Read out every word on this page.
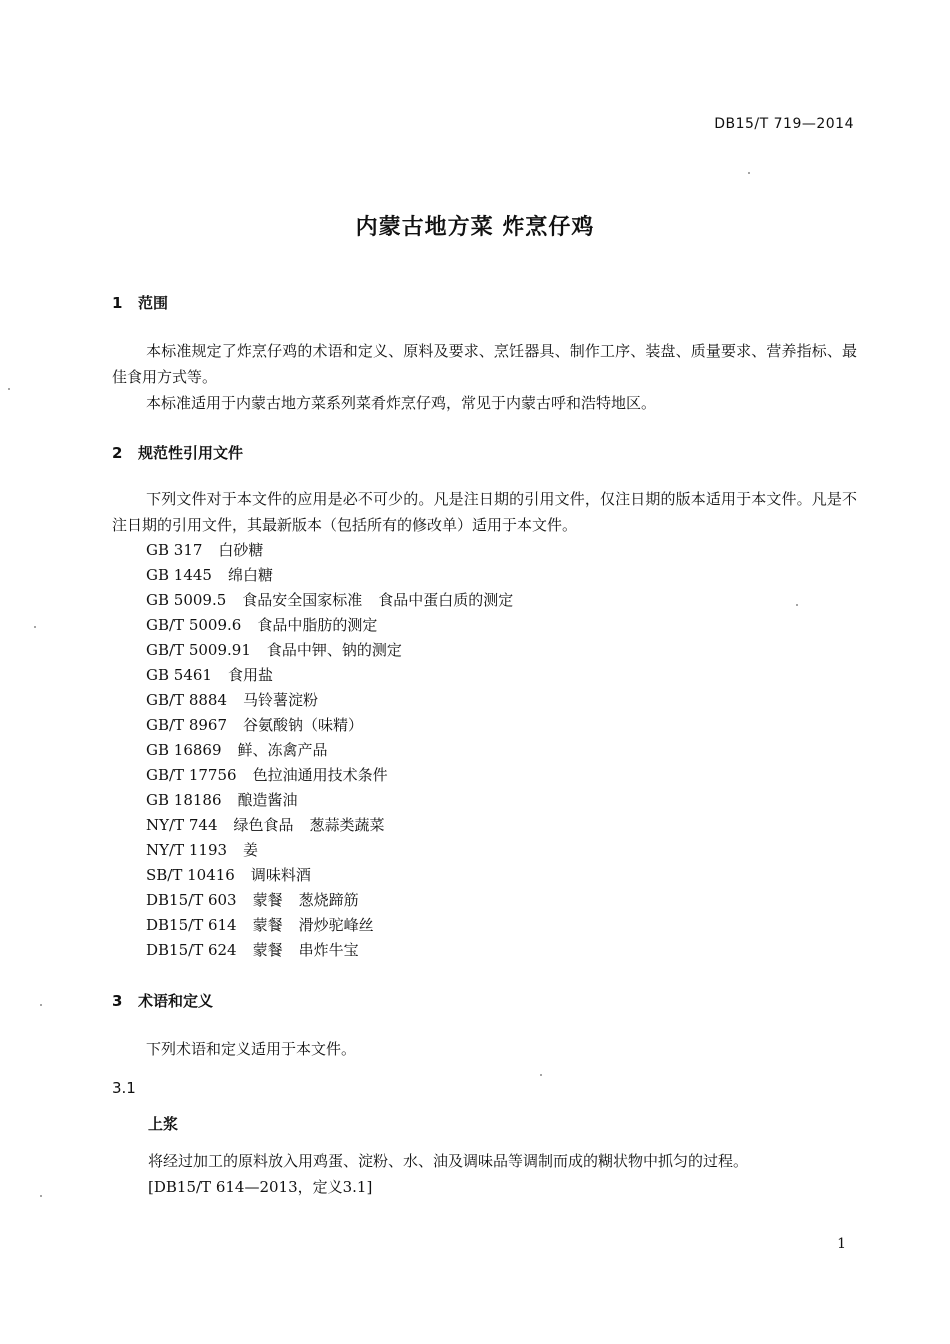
DB15/T 719—2014
内蒙古地方菜 炸烹仔鸡
1 范围
本标准规定了炸烹仔鸡的术语和定义、原料及要求、烹饪器具、制作工序、装盘、质量要求、营养指标、最佳食用方式等。
本标准适用于内蒙古地方菜系列菜肴炸烹仔鸡，常见于内蒙古呼和浩特地区。
2 规范性引用文件
下列文件对于本文件的应用是必不可少的。凡是注日期的引用文件，仅注日期的版本适用于本文件。凡是不注日期的引用文件，其最新版本（包括所有的修改单）适用于本文件。
GB 317 白砂糖
GB 1445 绵白糖
GB 5009.5 食品安全国家标准 食品中蛋白质的测定
GB/T 5009.6 食品中脂肪的测定
GB/T 5009.91 食品中钾、钠的测定
GB 5461 食用盐
GB/T 8884 马铃薯淀粉
GB/T 8967 谷氨酸钠（味精）
GB 16869 鲜、冻禽产品
GB/T 17756 色拉油通用技术条件
GB 18186 酿造酱油
NY/T 744 绿色食品 葱蒜类蔬菜
NY/T 1193 姜
SB/T 10416 调味料酒
DB15/T 603 蒙餐 葱烧蹄筋
DB15/T 614 蒙餐 滑炒驼峰丝
DB15/T 624 蒙餐 串炸牛宝
3 术语和定义
下列术语和定义适用于本文件。
3.1
上浆
将经过加工的原料放入用鸡蛋、淀粉、水、油及调味品等调制而成的糊状物中抓匀的过程。
[DB15/T 614—2013，定义3.1]
1
